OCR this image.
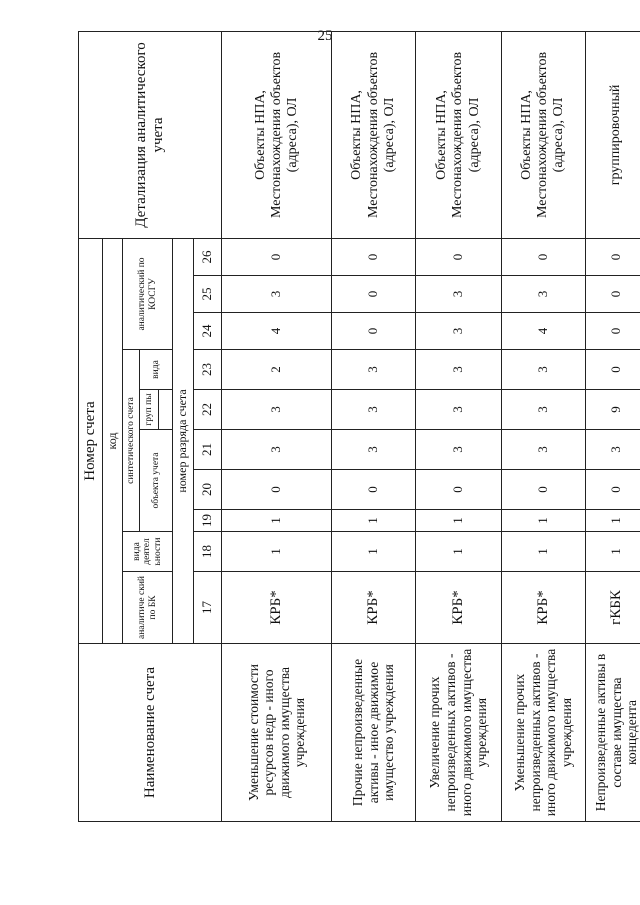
25
Наименование счета	Номер счета										Детализация аналитического учета
	код										
	аналитиче ский по БК	вида деятел ьности	синтетического счета					аналитический по КОСГУ			
			объекта учета			груп пы	вида				

	номер разряда счета										
	17	18	19	20	21	22	23	24	25	26	
Уменьшение стоимости ресурсов недр - иного движимого имущества учреждения	КРБ*	1	1	0	3	3	2	4	3	0	Объекты НПА, Местонахождения объектов (адреса), ОЛ
Прочие непроизведенные активы - иное движимое имущество учреждения	КРБ*	1	1	0	3	3	3	0	0	0	Объекты НПА, Местонахождения объектов (адреса), ОЛ
Увеличение прочих непроизведенных активов - иного движимого имущества учреждения	КРБ*	1	1	0	3	3	3	3	3	0	Объекты НПА, Местонахождения объектов (адреса), ОЛ
Уменьшение прочих непроизведенных активов - иного движимого имущества учреждения	КРБ*	1	1	0	3	3	3	4	3	0	Объекты НПА, Местонахождения объектов (адреса), ОЛ
Непроизведенные активы в составе имущества концедента	гКБК	1	1	0	3	9	0	0	0	0	группировочный
